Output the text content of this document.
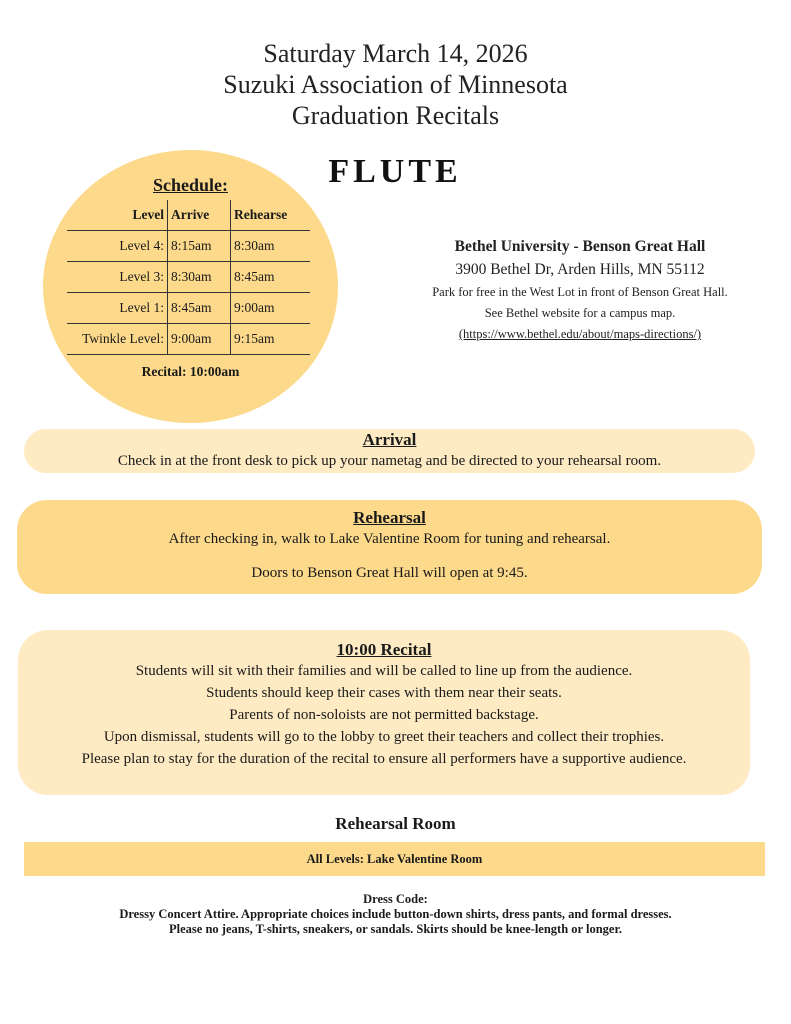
Saturday March 14, 2026
Suzuki Association of Minnesota
Graduation Recitals
FLUTE
Schedule:
Level	Arrive	Rehearse
Level 4:	8:15am	8:30am
Level 3:	8:30am	8:45am
Level 1:	8:45am	9:00am
Twinkle Level:	9:00am	9:15am
Recital: 10:00am
Bethel University - Benson Great Hall
3900 Bethel Dr, Arden Hills, MN 55112
Park for free in the West Lot in front of Benson Great Hall.
See Bethel website for a campus map.
(https://www.bethel.edu/about/maps-directions/)
Arrival
Check in at the front desk to pick up your nametag and be directed to your rehearsal room.
Rehearsal
After checking in, walk to Lake Valentine Room for tuning and rehearsal.
Doors to Benson Great Hall will open at 9:45.
10:00 Recital
Students will sit with their families and will be called to line up from the audience.
Students should keep their cases with them near their seats.
Parents of non-soloists are not permitted backstage.
Upon dismissal, students will go to the lobby to greet their teachers and collect their trophies.
Please plan to stay for the duration of the recital to ensure all performers have a supportive audience.
Rehearsal Room
All Levels: Lake Valentine Room
Dress Code:
Dressy Concert Attire. Appropriate choices include button-down shirts, dress pants, and formal dresses.
Please no jeans, T-shirts, sneakers, or sandals. Skirts should be knee-length or longer.
